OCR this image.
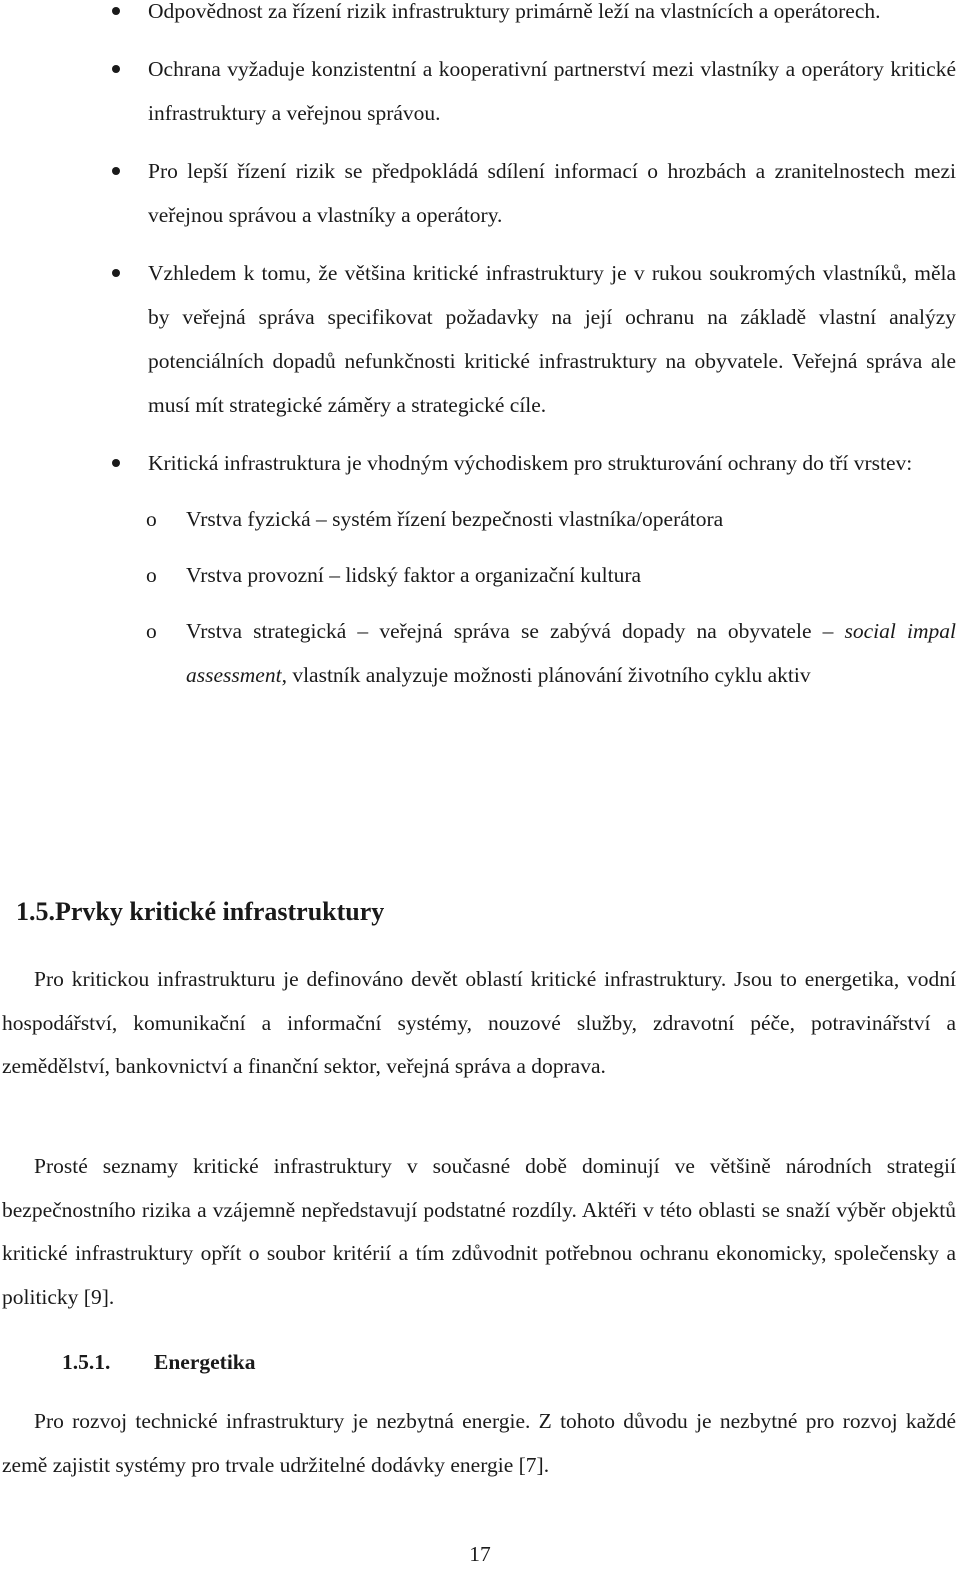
Odpovědnost za řízení rizik infrastruktury primárně leží na vlastnících a operátorech.
Ochrana vyžaduje konzistentní a kooperativní partnerství mezi vlastníky a operátory kritické infrastruktury a veřejnou správou.
Pro lepší řízení rizik se předpokládá sdílení informací o hrozbách a zranitelnostech mezi veřejnou správou a vlastníky a operátory.
Vzhledem k tomu, že většina kritické infrastruktury je v rukou soukromých vlastníků, měla by veřejná správa specifikovat požadavky na její ochranu na základě vlastní analýzy potenciálních dopadů nefunkčnosti kritické infrastruktury na obyvatele. Veřejná správa ale musí mít strategické záměry a strategické cíle.
Kritická infrastruktura je vhodným východiskem pro strukturování ochrany do tří vrstev:
o Vrstva fyzická – systém řízení bezpečnosti vlastníka/operátora
o Vrstva provozní – lidský faktor a organizační kultura
o Vrstva strategická – veřejná správa se zabývá dopady na obyvatele – social impal assessment, vlastník analyzuje možnosti plánování životního cyklu aktiv
1.5.Prvky kritické infrastruktury

Pro kritickou infrastrukturu je definováno devět oblastí kritické infrastruktury. Jsou to energetika, vodní hospodářství, komunikační a informační systémy, nouzové služby, zdravotní péče, potravinářství a zemědělství, bankovnictví a finanční sektor, veřejná správa a doprava.

Prosté seznamy kritické infrastruktury v současné době dominují ve většině národních strategií bezpečnostního rizika a vzájemně nepředstavují podstatné rozdíly. Aktéři v této oblasti se snaží výběr objektů kritické infrastruktury opřít o soubor kritérií a tím zdůvodnit potřebnou ochranu ekonomicky, společensky a politicky [9].

1.5.1. Energetika

Pro rozvoj technické infrastruktury je nezbytná energie. Z tohoto důvodu je nezbytné pro rozvoj každé země zajistit systémy pro trvale udržitelné dodávky energie [7].

17
